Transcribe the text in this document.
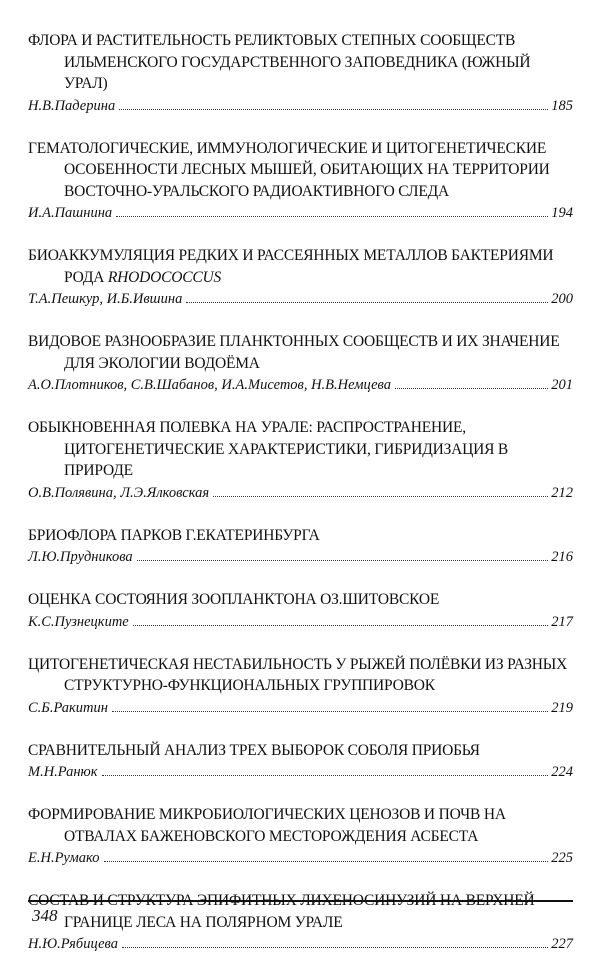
ФЛОРА И РАСТИТЕЛЬНОСТЬ РЕЛИКТОВЫХ СТЕПНЫХ СООБЩЕСТВ ИЛЬМЕНСКОГО ГОСУДАРСТВЕННОГО ЗАПОВЕДНИКА (ЮЖНЫЙ УРАЛ)

Н.В.Падерина	185

ГЕМАТОЛОГИЧЕСКИЕ, ИММУНОЛОГИЧЕСКИЕ И ЦИТОГЕНЕТИЧЕСКИЕ ОСОБЕННОСТИ ЛЕСНЫХ МЫШЕЙ, ОБИТАЮЩИХ НА ТЕРРИТОРИИ ВОСТОЧНО-УРАЛЬСКОГО РАДИОАКТИВНОГО СЛЕДА

И.А.Пашнина	194

БИОАККУМУЛЯЦИЯ РЕДКИХ И РАССЕЯННЫХ МЕТАЛЛОВ БАКТЕРИЯМИ РОДА RHODOCOCCUS

Т.А.Пешкур, И.Б.Ившина	200

ВИДОВОЕ РАЗНООБРАЗИЕ ПЛАНКТОННЫХ СООБЩЕСТВ И ИХ ЗНАЧЕНИЕ ДЛЯ ЭКОЛОГИИ ВОДОЁМА

А.О.Плотников, С.В.Шабанов, И.А.Мисетов, Н.В.Немцева	201

ОБЫКНОВЕННАЯ ПОЛЕВКА НА УРАЛЕ: РАСПРОСТРАНЕНИЕ, ЦИТОГЕНЕТИЧЕСКИЕ ХАРАКТЕРИСТИКИ, ГИБРИДИЗАЦИЯ В ПРИРОДЕ

О.В.Полявина, Л.Э.Ялковская	212

БРИОФЛОРА ПАРКОВ Г.ЕКАТЕРИНБУРГА

Л.Ю.Прудникова	216

ОЦЕНКА СОСТОЯНИЯ ЗООПЛАНКТОНА ОЗ.ШИТОВСКОЕ

К.С.Пузнецките	217

ЦИТОГЕНЕТИЧЕСКАЯ НЕСТАБИЛЬНОСТЬ У РЫЖЕЙ ПОЛЁВКИ ИЗ РАЗНЫХ СТРУКТУРНО-ФУНКЦИОНАЛЬНЫХ ГРУППИРОВОК

С.Б.Ракитин	219

СРАВНИТЕЛЬНЫЙ АНАЛИЗ ТРЕХ ВЫБОРОК СОБОЛЯ ПРИОБЬЯ

М.Н.Ранюк	224

ФОРМИРОВАНИЕ МИКРОБИОЛОГИЧЕСКИХ ЦЕНОЗОВ И ПОЧВ НА ОТВАЛАХ БАЖЕНОВСКОГО МЕСТОРОЖДЕНИЯ АСБЕСТА

Е.Н.Румако	225

СОСТАВ И СТРУКТУРА ЭПИФИТНЫХ ЛИХЕНОСИНУЗИЙ НА ВЕРХНЕЙ ГРАНИЦЕ ЛЕСА НА ПОЛЯРНОМ УРАЛЕ

Н.Ю.Рябицева	227
348
